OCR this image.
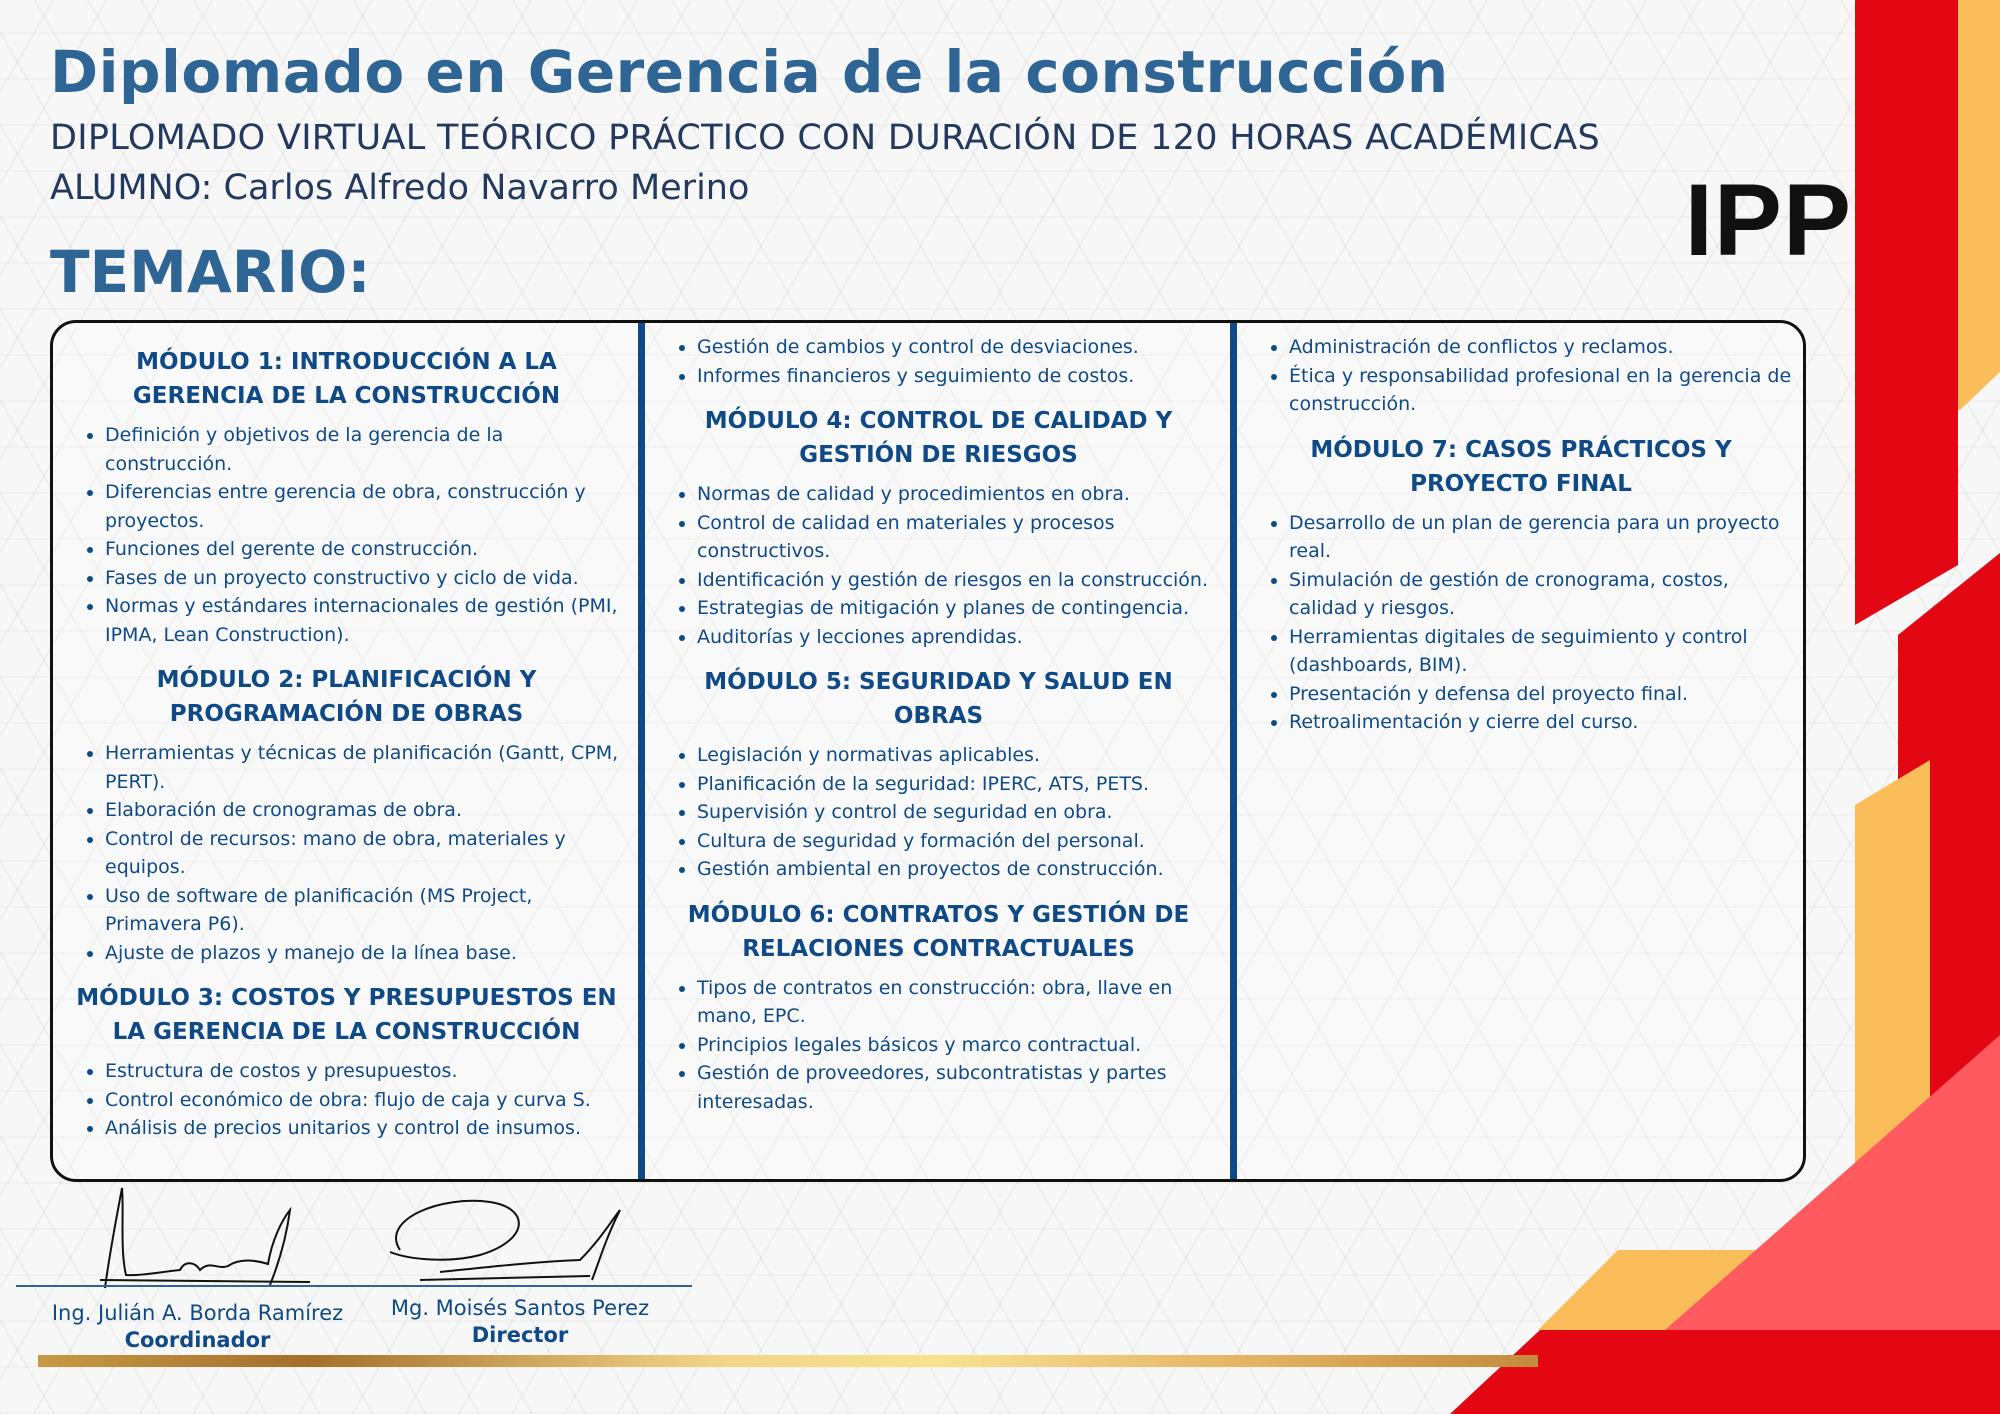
Diplomado en Gerencia de la construcción
DIPLOMADO VIRTUAL TEÓRICO PRÁCTICO CON DURACIÓN DE 120 HORAS ACADÉMICAS
ALUMNO: Carlos Alfredo Navarro Merino	IPP
TEMARIO:
MÓDULO 1: INTRODUCCIÓN A LA GERENCIA DE LA CONSTRUCCIÓN
• Definición y objetivos de la gerencia de la construcción.
• Diferencias entre gerencia de obra, construcción y proyectos.
• Funciones del gerente de construcción.
• Fases de un proyecto constructivo y ciclo de vida.
• Normas y estándares internacionales de gestión (PMI, IPMA, Lean Construction).
MÓDULO 2: PLANIFICACIÓN Y PROGRAMACIÓN DE OBRAS
• Herramientas y técnicas de planificación (Gantt, CPM, PERT).
• Elaboración de cronogramas de obra.
• Control de recursos: mano de obra, materiales y equipos.
• Uso de software de planificación (MS Project, Primavera P6).
• Ajuste de plazos y manejo de la línea base.
MÓDULO 3: COSTOS Y PRESUPUESTOS EN LA GERENCIA DE LA CONSTRUCCIÓN
• Estructura de costos y presupuestos.
• Control económico de obra: flujo de caja y curva S.
• Análisis de precios unitarios y control de insumos.
• Gestión de cambios y control de desviaciones.
• Informes financieros y seguimiento de costos.
MÓDULO 4: CONTROL DE CALIDAD Y GESTIÓN DE RIESGOS
• Normas de calidad y procedimientos en obra.
• Control de calidad en materiales y procesos constructivos.
• Identificación y gestión de riesgos en la construcción.
• Estrategias de mitigación y planes de contingencia.
• Auditorías y lecciones aprendidas.
MÓDULO 5: SEGURIDAD Y SALUD EN OBRAS
• Legislación y normativas aplicables.
• Planificación de la seguridad: IPERC, ATS, PETS.
• Supervisión y control de seguridad en obra.
• Cultura de seguridad y formación del personal.
• Gestión ambiental en proyectos de construcción.
MÓDULO 6: CONTRATOS Y GESTIÓN DE RELACIONES CONTRACTUALES
• Tipos de contratos en construcción: obra, llave en mano, EPC.
• Principios legales básicos y marco contractual.
• Gestión de proveedores, subcontratistas y partes interesadas.
• Administración de conflictos y reclamos.
• Ética y responsabilidad profesional en la gerencia de construcción.
MÓDULO 7: CASOS PRÁCTICOS Y PROYECTO FINAL
• Desarrollo de un plan de gerencia para un proyecto real.
• Simulación de gestión de cronograma, costos, calidad y riesgos.
• Herramientas digitales de seguimiento y control (dashboards, BIM).
• Presentación y defensa del proyecto final.
• Retroalimentación y cierre del curso.
Ing. Julián A. Borda Ramírez
Coordinador
Mg. Moisés Santos Perez
Director
